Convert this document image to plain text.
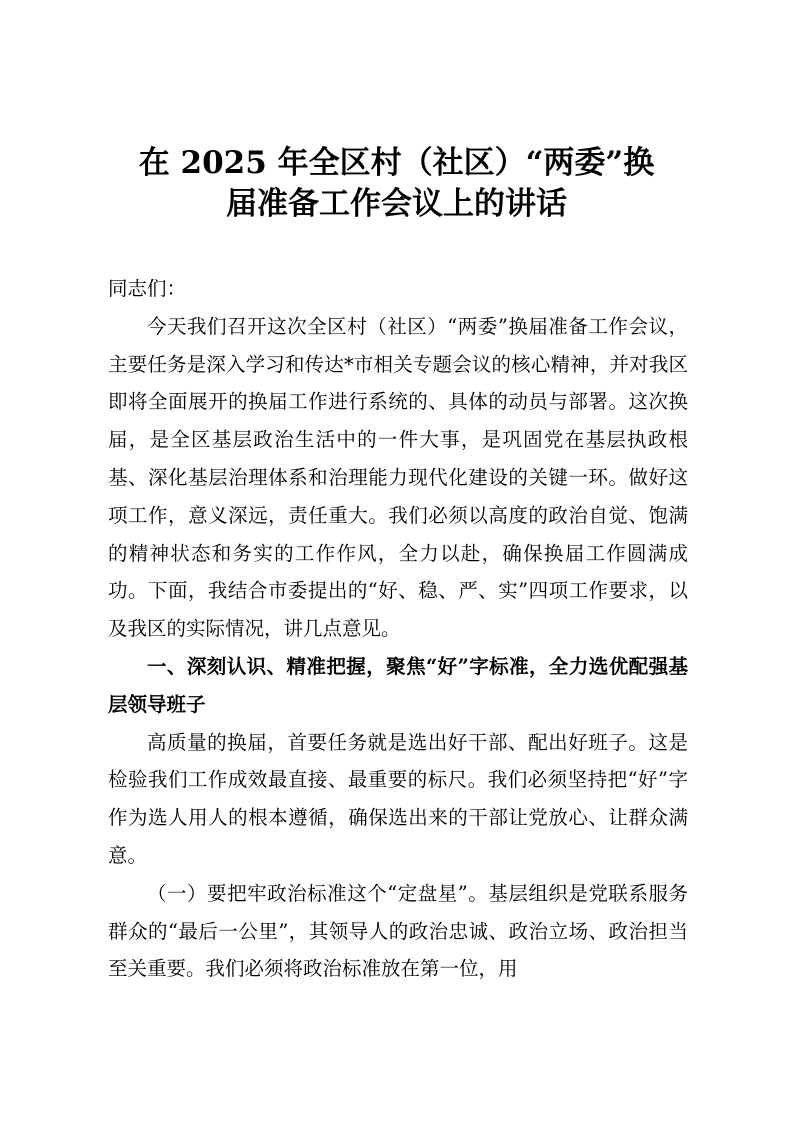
在 2025 年全区村（社区）“两委”换
届准备工作会议上的讲话

同志们：

今天我们召开这次全区村（社区）“两委”换届准备工作会议，主要任务是深入学习和传达*市相关专题会议的核心精神，并对我区即将全面展开的换届工作进行系统的、具体的动员与部署。这次换届，是全区基层政治生活中的一件大事，是巩固党在基层执政根基、深化基层治理体系和治理能力现代化建设的关键一环。做好这项工作，意义深远，责任重大。我们必须以高度的政治自觉、饱满的精神状态和务实的工作作风，全力以赴，确保换届工作圆满成功。下面，我结合市委提出的“好、稳、严、实”四项工作要求，以及我区的实际情况，讲几点意见。

一、深刻认识、精准把握，聚焦“好”字标准，全力选优配强基层领导班子

高质量的换届，首要任务就是选出好干部、配出好班子。这是检验我们工作成效最直接、最重要的标尺。我们必须坚持把“好”字作为选人用人的根本遵循，确保选出来的干部让党放心、让群众满意。

（一）要把牢政治标准这个“定盘星”。基层组织是党联系服务群众的“最后一公里”，其领导人的政治忠诚、政治立场、政治担当至关重要。我们必须将政治标准放在第一位，用
